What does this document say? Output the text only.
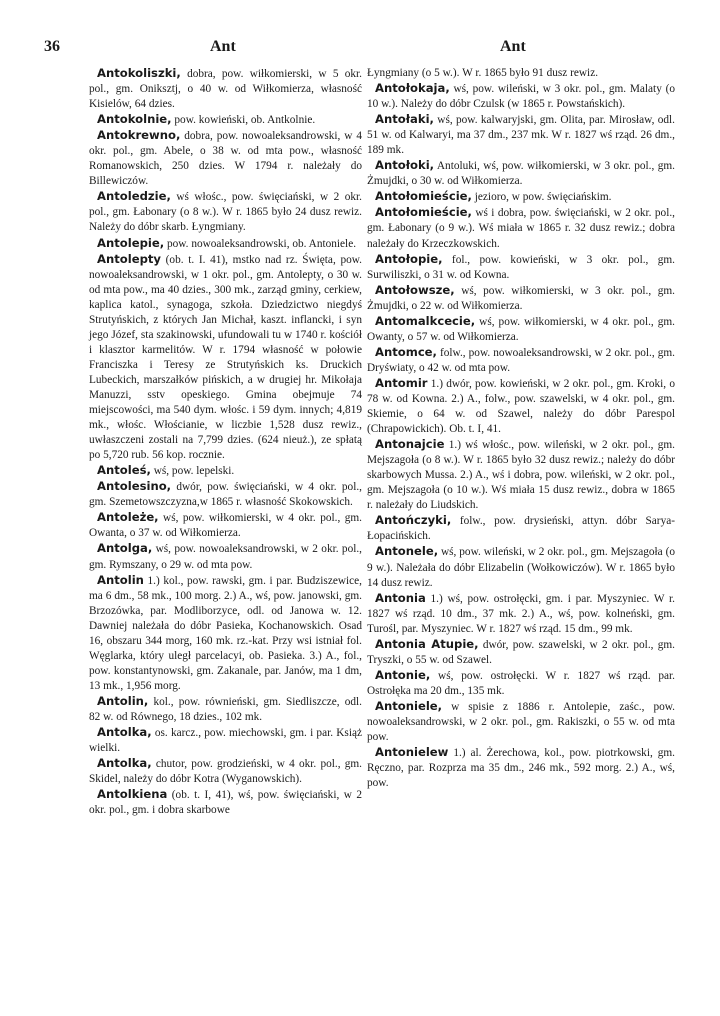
36	Ant	Ant

Antokoliszki, dobra, pow. wiłkomierski, w 5 okr. pol., gm. Oniksztj, o 40 w. od Wiłkomierza, własność Kisielów, 64 dzies.

Antokolnie, pow. kowieński, ob. Antkolnie.

Antokrewno, dobra, pow. nowoaleksandrowski, w 4 okr. pol., gm. Abele, o 38 w. od mta pow., własność Romanowskich, 250 dzies. W 1794 r. należały do Billewiczów.

Antoledzie, wś włośc., pow. święciański, w 2 okr. pol., gm. Łabonary (o 8 w.). W r. 1865 było 24 dusz rewiz. Należy do dóbr skarb. Łyngmiany.

Antolepie, pow. nowoaleksandrowski, ob. Antoniele.

Antolepty (ob. t. I. 41), mstko nad rz. Święta, pow. nowoaleksandrowski, w 1 okr. pol., gm. Antolepty, o 30 w. od mta pow., ma 40 dzies., 300 mk., zarząd gminy, cerkiew, kaplica katol., synagoga, szkoła. Dziedzictwo niegdyś Strutyńskich, z których Jan Michał, kaszt. inflancki, i syn jego Józef, sta szakinowski, ufundowali tu w 1740 r. kościół i klasztor karmelitów. W r. 1794 własność w połowie Franciszka i Teresy ze Strutyńskich ks. Druckich Lubeckich, marszałków pińskich, a w drugiej hr. Mikołaja Manuzzi, sstv opeskiego. Gmina obejmuje 74 miejscowości, ma 540 dym. włośc. i 59 dym. innych; 4,819 mk., włośc. Włościanie, w liczbie 1,528 dusz rewiz., uwłaszczeni zostali na 7,799 dzies. (624 nieuż.), ze spłatą po 5,720 rub. 56 kop. rocznie.

Antoleś, wś, pow. lepelski.

Antolesino, dwór, pow. święciański, w 4 okr. pol., gm. Szemetowszczyzna,w 1865 r. własność Skokowskich.

Antoleże, wś, pow. wiłkomierski, w 4 okr. pol., gm. Owanta, o 37 w. od Wiłkomierza.

Antolga, wś, pow. nowoaleksandrowski, w 2 okr. pol., gm. Rymszany, o 29 w. od mta pow.

Antolin 1.) kol., pow. rawski, gm. i par. Budziszewice, ma 6 dm., 58 mk., 100 morg. 2.) A., wś, pow. janowski, gm. Brzozówka, par. Modliborzyce, odl. od Janowa w. 12. Dawniej należała do dóbr Pasieka, Kochanowskich. Osad 16, obszaru 344 morg, 160 mk. rz.-kat. Przy wsi istniał fol. Węglarka, który uległ parcelacyi, ob. Pasieka. 3.) A., fol., pow. konstantynowski, gm. Zakanale, par. Janów, ma 1 dm, 13 mk., 1,956 morg.

Antolin, kol., pow. równieński, gm. Siedliszcze, odl. 82 w. od Równego, 18 dzies., 102 mk.

Antolka, os. karcz., pow. miechowski, gm. i par. Książ wielki.

Antolka, chutor, pow. grodzieński, w 4 okr. pol., gm. Skidel, należy do dóbr Kotra (Wyganowskich).

Antolkiena (ob. t. I, 41), wś, pow. święciański, w 2 okr. pol., gm. i dobra skarbowe

Łyngmiany (o 5 w.). W r. 1865 było 91 dusz rewiz.

Antołokaja, wś, pow. wileński, w 3 okr. pol., gm. Malaty (o 10 w.). Należy do dóbr Czulsk (w 1865 r. Powstańskich).

Antołaki, wś, pow. kalwaryjski, gm. Olita, par. Mirosław, odl. 51 w. od Kalwaryi, ma 37 dm., 237 mk. W r. 1827 wś rząd. 26 dm., 189 mk.

Antołoki, Antoluki, wś, pow. wiłkomierski, w 3 okr. pol., gm. Żmujdki, o 30 w. od Wiłkomierza.

Antołomieście, jezioro, w pow. święciańskim.

Antołomieście, wś i dobra, pow. święciański, w 2 okr. pol., gm. Łabonary (o 9 w.). Wś miała w 1865 r. 32 dusz rewiz.; dobra należały do Krzeczkowskich.

Antołopie, fol., pow. kowieński, w 3 okr. pol., gm. Surwiliszki, o 31 w. od Kowna.

Antołowsze, wś, pow. wiłkomierski, w 3 okr. pol., gm. Żmujdki, o 22 w. od Wiłkomierza.

Antomalkcecie, wś, pow. wiłkomierski, w 4 okr. pol., gm. Owanty, o 57 w. od Wiłkomierza.

Antomce, folw., pow. nowoaleksandrowski, w 2 okr. pol., gm. Dryświaty, o 42 w. od mta pow.

Antomir 1.) dwór, pow. kowieński, w 2 okr. pol., gm. Kroki, o 78 w. od Kowna. 2.) A., folw., pow. szawelski, w 4 okr. pol., gm. Skiemie, o 64 w. od Szawel, należy do dóbr Parespol (Chrapowickich). Ob. t. I, 41.

Antonajcie 1.) wś włośc., pow. wileński, w 2 okr. pol., gm. Mejszagoła (o 8 w.). W r. 1865 było 32 dusz rewiz.; należy do dóbr skarbowych Mussa. 2.) A., wś i dobra, pow. wileński, w 2 okr. pol., gm. Mejszagoła (o 10 w.). Wś miała 15 dusz rewiz., dobra w 1865 r. należały do Liudskich.

Antończyki, folw., pow. drysieński, attyn. dóbr Sarya-Łopacińskich.

Antonele, wś, pow. wileński, w 2 okr. pol., gm. Mejszagoła (o 9 w.). Należała do dóbr Elizabelin (Wołkowiczów). W r. 1865 było 14 dusz rewiz.

Antonia 1.) wś, pow. ostrołęcki, gm. i par. Myszyniec. W r. 1827 wś rząd. 10 dm., 37 mk. 2.) A., wś, pow. kolneński, gm. Turośl, par. Myszyniec. W r. 1827 wś rząd. 15 dm., 99 mk.

Antonia Atupie, dwór, pow. szawelski, w 2 okr. pol., gm. Tryszki, o 55 w. od Szawel.

Antonie, wś, pow. ostrołęcki. W r. 1827 wś rząd. par. Ostrołęka ma 20 dm., 135 mk.

Antoniele, w spisie z 1886 r. Antolepie, zaśc., pow. nowoaleksandrowski, w 2 okr. pol., gm. Rakiszki, o 55 w. od mta pow.

Antonielew 1.) al. Żerechowa, kol., pow. piotrkowski, gm. Ręczno, par. Rozprza ma 35 dm., 246 mk., 592 morg. 2.) A., wś, pow.
